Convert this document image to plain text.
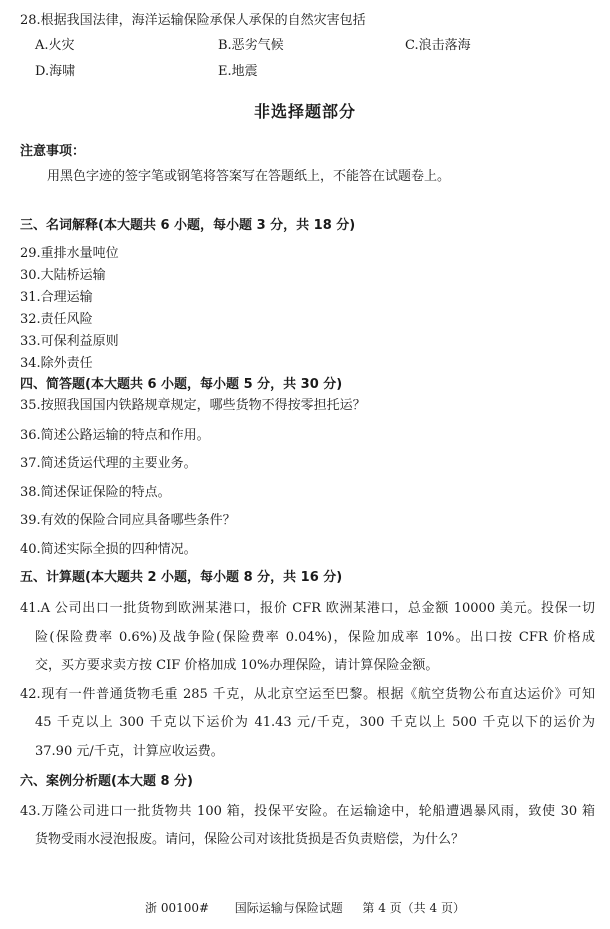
28.根据我国法律，海洋运输保险承保人承保的自然灾害包括
A.火灾	B.恶劣气候	C.浪击落海
D.海啸	E.地震
非选择题部分
注意事项：
用黑色字迹的签字笔或钢笔将答案写在答题纸上，不能答在试题卷上。
三、名词解释(本大题共 6 小题，每小题 3 分，共 18 分)
29.重排水量吨位
30.大陆桥运输
31.合理运输
32.责任风险
33.可保利益原则
34.除外责任
四、简答题(本大题共 6 小题，每小题 5 分，共 30 分)
35.按照我国国内铁路规章规定，哪些货物不得按零担托运？
36.简述公路运输的特点和作用。
37.简述货运代理的主要业务。
38.简述保证保险的特点。
39.有效的保险合同应具备哪些条件？
40.简述实际全损的四种情况。
五、计算题(本大题共 2 小题，每小题 8 分，共 16 分)
41.A 公司出口一批货物到欧洲某港口，报价 CFR 欧洲某港口，总金额 10000 美元。投保一切
险(保险费率 0.6%)及战争险(保险费率 0.04%)，保险加成率 10%。出口按 CFR 价格成
交，买方要求卖方按 CIF 价格加成 10%办理保险，请计算保险金额。
42.现有一件普通货物毛重 285 千克，从北京空运至巴黎。根据《航空货物公布直达运价》可知
45 千克以上 300 千克以下运价为 41.43 元/千克，300 千克以上 500 千克以下的运价为
37.90 元/千克，计算应收运费。
六、案例分析题(本大题 8 分)
43.万隆公司进口一批货物共 100 箱，投保平安险。在运输途中，轮船遭遇暴风雨，致使 30 箱
货物受雨水浸泡报废。请问，保险公司对该批货损是否负责赔偿，为什么？
浙 00100# 国际运输与保险试题 第 4 页（共 4 页）
